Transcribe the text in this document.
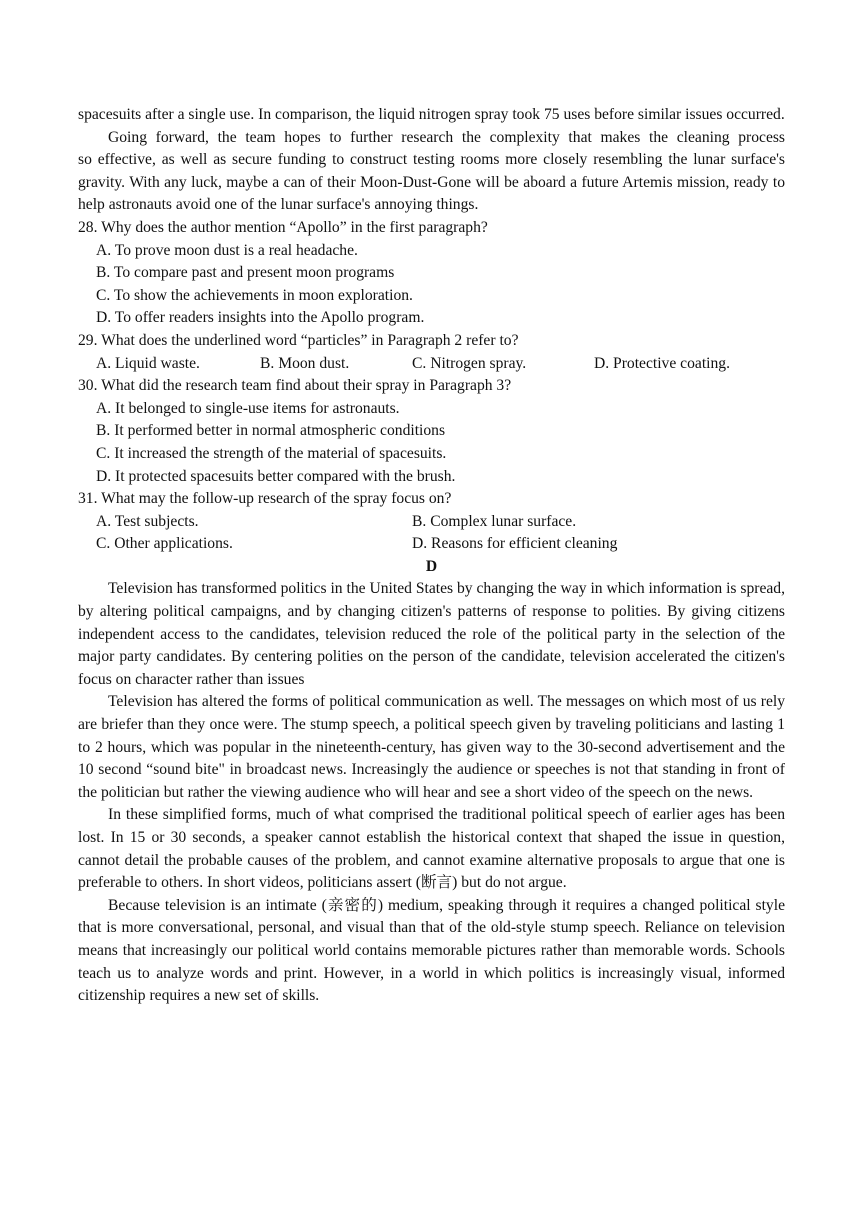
spacesuits after a single use. In comparison, the liquid nitrogen spray took 75 uses before similar issues occurred.

Going forward, the team hopes to further research the complexity that makes the cleaning process

so effective, as well as secure funding to construct testing rooms more closely resembling the lunar surface's gravity. With any luck, maybe a can of their Moon-Dust-Gone will be aboard a future Artemis mission, ready to help astronauts avoid one of the lunar surface's annoying things.

28. Why does the author mention “Apollo” in the first paragraph?

A. To prove moon dust is a real headache.

B. To compare past and present moon programs

C. To show the achievements in moon exploration.

D. To offer readers insights into the Apollo program.

29. What does the underlined word “particles” in Paragraph 2 refer to?

A. Liquid waste.	B. Moon dust.	C. Nitrogen spray.	D. Protective coating.

30. What did the research team find about their spray in Paragraph 3?

A. It belonged to single-use items for astronauts.

B. It performed better in normal atmospheric conditions

C. It increased the strength of the material of spacesuits.

D. It protected spacesuits better compared with the brush.

31. What may the follow-up research of the spray focus on?

A. Test subjects.	B. Complex lunar surface.
C. Other applications.	D. Reasons for efficient cleaning

D

Television has transformed politics in the United States by changing the way in which information is spread, by altering political campaigns, and by changing citizen's patterns of response to polities. By giving citizens independent access to the candidates, television reduced the role of the political party in the selection of the major party candidates. By centering polities on the person of the candidate, television accelerated the citizen's focus on character rather than issues

Television has altered the forms of political communication as well. The messages on which most of us rely are briefer than they once were. The stump speech, a political speech given by traveling politicians and lasting 1 to 2 hours, which was popular in the nineteenth-century, has given way to the 30-second advertisement and the 10 second “sound bite" in broadcast news. Increasingly the audience or speeches is not that standing in front of the politician but rather the viewing audience who will hear and see a short video of the speech on the news.

In these simplified forms, much of what comprised the traditional political speech of earlier ages has been lost. In 15 or 30 seconds, a speaker cannot establish the historical context that shaped the issue in question, cannot detail the probable causes of the problem, and cannot examine alternative proposals to argue that one is preferable to others. In short videos, politicians assert (断言) but do not argue.

Because television is an intimate (亲密的) medium, speaking through it requires a changed political style that is more conversational, personal, and visual than that of the old-style stump speech. Reliance on television means that increasingly our political world contains memorable pictures rather than memorable words. Schools teach us to analyze words and print. However, in a world in which politics is increasingly visual, informed citizenship requires a new set of skills.
